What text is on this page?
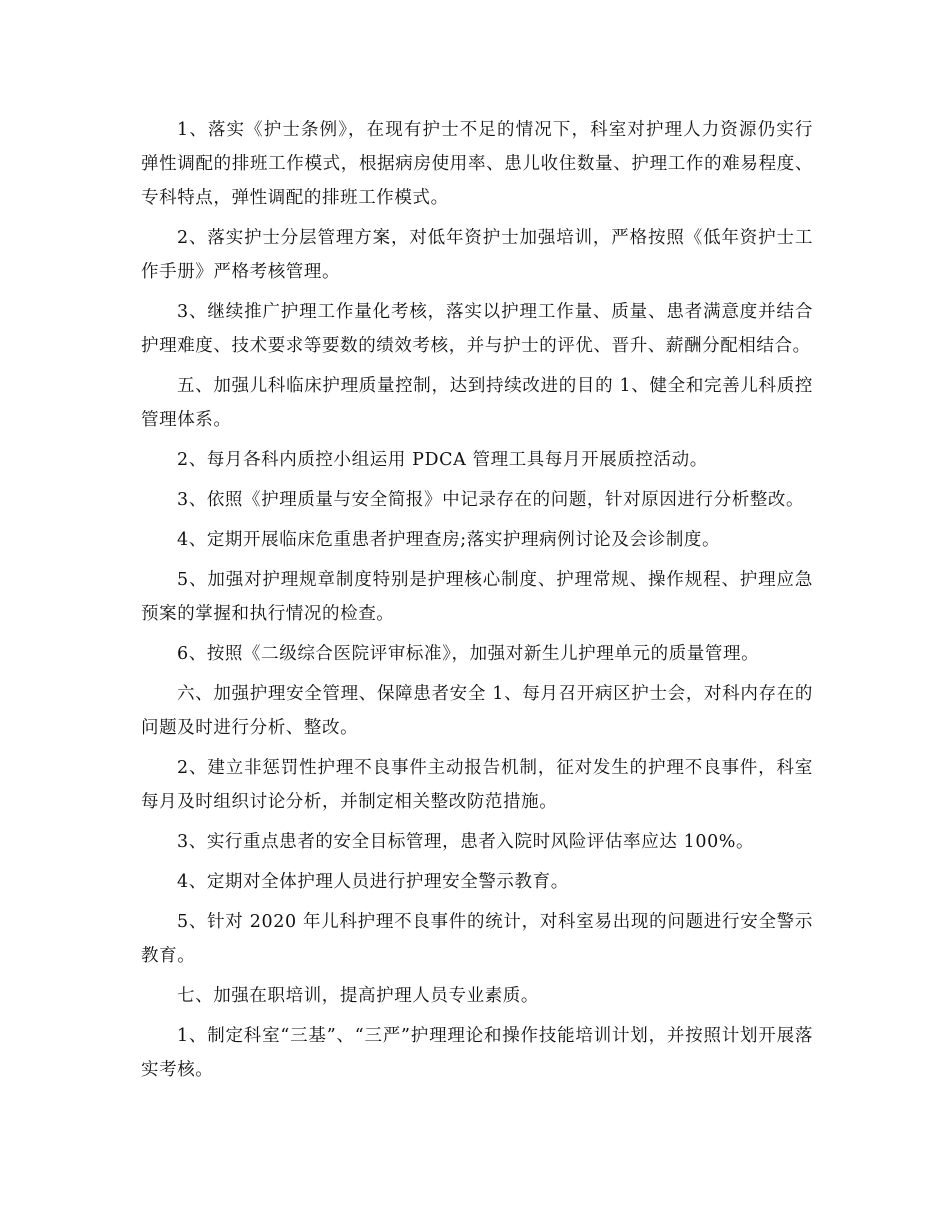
1、落实《护士条例》，在现有护士不足的情况下，科室对护理人力资源仍实行弹性调配的排班工作模式，根据病房使用率、患儿收住数量、护理工作的难易程度、专科特点，弹性调配的排班工作模式。

2、落实护士分层管理方案，对低年资护士加强培训，严格按照《低年资护士工作手册》严格考核管理。

3、继续推广护理工作量化考核，落实以护理工作量、质量、患者满意度并结合护理难度、技术要求等要数的绩效考核，并与护士的评优、晋升、薪酬分配相结合。

五、加强儿科临床护理质量控制，达到持续改进的目的 1、健全和完善儿科质控管理体系。

2、每月各科内质控小组运用 PDCA 管理工具每月开展质控活动。

3、依照《护理质量与安全简报》中记录存在的问题，针对原因进行分析整改。

4、定期开展临床危重患者护理查房;落实护理病例讨论及会诊制度。

5、加强对护理规章制度特别是护理核心制度、护理常规、操作规程、护理应急预案的掌握和执行情况的检查。

6、按照《二级综合医院评审标准》，加强对新生儿护理单元的质量管理。

六、加强护理安全管理、保障患者安全 1、每月召开病区护士会，对科内存在的问题及时进行分析、整改。

2、建立非惩罚性护理不良事件主动报告机制，征对发生的护理不良事件，科室每月及时组织讨论分析，并制定相关整改防范措施。

3、实行重点患者的安全目标管理，患者入院时风险评估率应达 100%。

4、定期对全体护理人员进行护理安全警示教育。

5、针对 2020 年儿科护理不良事件的统计，对科室易出现的问题进行安全警示教育。

七、加强在职培训，提高护理人员专业素质。

1、制定科室“三基”、“三严”护理理论和操作技能培训计划，并按照计划开展落实考核。
